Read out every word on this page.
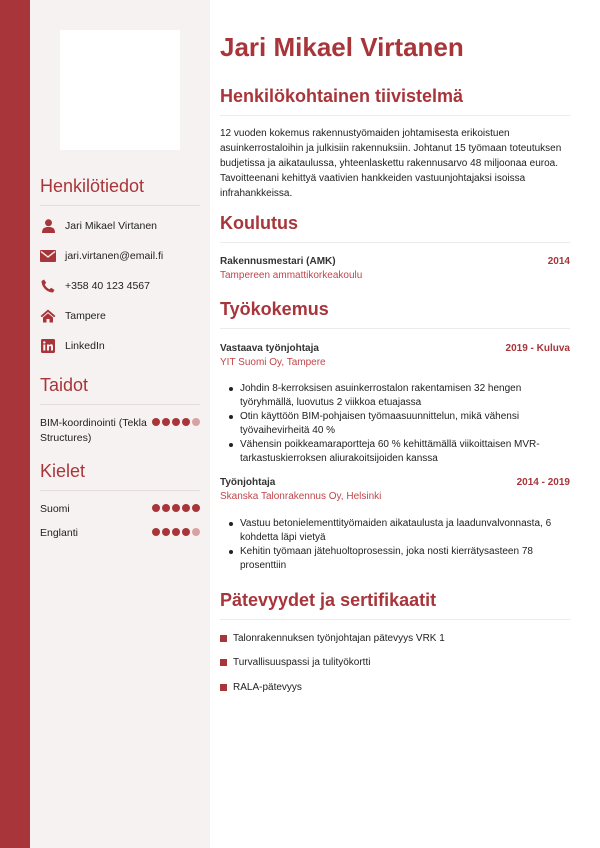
Henkilötiedot
Jari Mikael Virtanen
jari.virtanen@email.fi
+358 40 123 4567
Tampere
LinkedIn
Taidot
BIM-koordinointi (Tekla Structures)
Kielet
Suomi
Englanti
Jari Mikael Virtanen
Henkilökohtainen tiivistelmä

12 vuoden kokemus rakennustyömaiden johtamisesta erikoistuen asuinkerrostaloihin ja julkisiin rakennuksiin. Johtanut 15 työmaan toteutuksen budjetissa ja aikataulussa, yhteenlaskettu rakennusarvo 48 miljoonaa euroa. Tavoitteenani kehittyä vaativien hankkeiden vastuunjohtajaksi isoissa infrahankkeissa.

Koulutus
Rakennusmestari (AMK)	2014
Tampereen ammattikorkeakoulu
Työkokemus
Vastaava työnjohtaja	2019 - Kuluva
YIT Suomi Oy, Tampere
Johdin 8-kerroksisen asuinkerrostalon rakentamisen 32 hengen työryhmällä, luovutus 2 viikkoa etuajassa
Otin käyttöön BIM-pohjaisen työmaasuunnittelun, mikä vähensi työvaihevirheitä 40 %
Vähensin poikkeamaraportteja 60 % kehittämällä viikoittaisen MVR-tarkastuskierroksen aliurakoitsijoiden kanssa
Työnjohtaja	2014 - 2019
Skanska Talonrakennus Oy, Helsinki
Vastuu betonielementtityömaiden aikataulusta ja laadunvalvonnasta, 6 kohdetta läpi vietyä
Kehitin työmaan jätehuoltoprosessin, joka nosti kierrätysasteen 78 prosenttiin
Pätevyydet ja sertifikaatit
Talonrakennuksen työnjohtajan pätevyys VRK 1
Turvallisuuspassi ja tulityökortti
RALA-pätevyys
